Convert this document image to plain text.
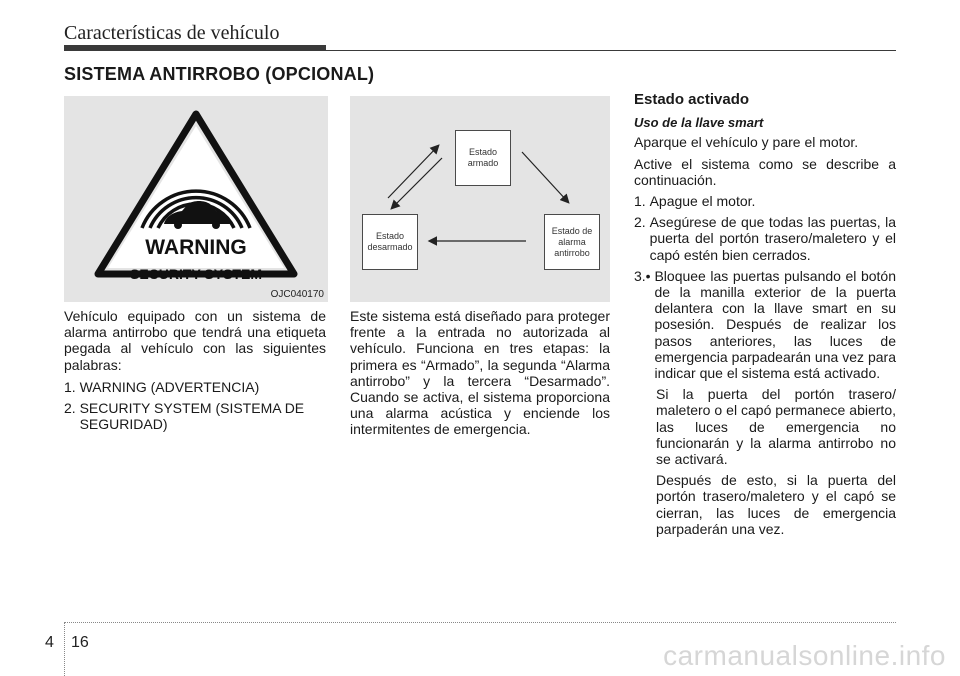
Características de vehículo
SISTEMA ANTIRROBO (OPCIONAL)
WARNING
SECURITY SYSTEM
OJC040170
Estado
armado
Estado
desarmado
Estado de
alarma
antirrobo

Vehículo equipado con un sistema de alarma antirrobo que tendrá una etiqueta pegada al vehículo con las siguientes palabras:

1. WARNING (ADVERTENCIA)
2. SECURITY SYSTEM (SISTEMA DE SEGURIDAD)

Este sistema está diseñado para proteger frente a la entrada no autorizada al vehículo. Funciona en tres etapas: la primera es “Armado”, la segunda “Alarma antirrobo” y la tercera “Desarmado”. Cuando se activa, el sistema proporciona una alarma acústica y enciende los intermitentes de emergencia.

Estado activado
Uso de la llave smart

Aparque el vehículo y pare el motor.

Active el sistema como se describe a continuación.

1. Apague el motor.
2. Asegúrese de que todas las puertas, la puerta del portón trasero/maletero y el capó estén bien cerrados.
3.• Bloquee las puertas pulsando el botón de la manilla exterior de la puerta delantera con la llave smart en su posesión. Después de realizar los pasos anteriores, las luces de emergencia parpadearán una vez para indicar que el sistema está activado.
Si la puerta del portón trasero/ maletero o el capó permanece abierto, las luces de emergencia no funcionarán y la alarma antirrobo no se activará.
Después de esto, si la puerta del portón trasero/maletero y el capó se cierran, las luces de emergencia parpaderán una vez.
4 16	carmanualsonline.info
